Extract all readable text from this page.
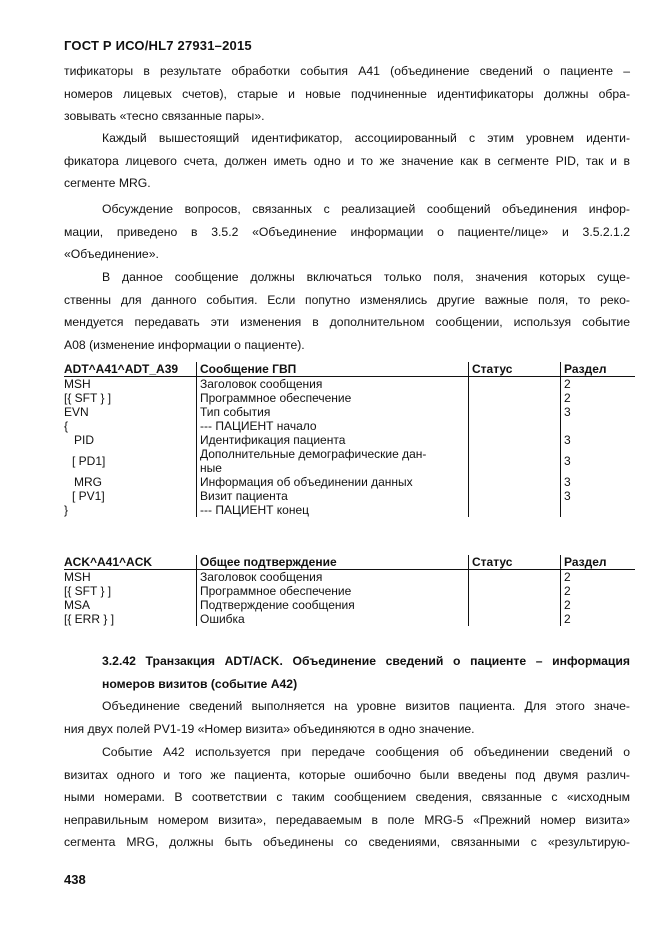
ГОСТ Р ИСО/HL7 27931–2015
тификаторы в результате обработки события A41 (объединение сведений о пациенте –
номеров лицевых счетов), старые и новые подчиненные идентификаторы должны обра-
зовывать «тесно связанные пары».
Каждый вышестоящий идентификатор, ассоциированный с этим уровнем иденти-
фикатора лицевого счета, должен иметь одно и то же значение как в сегменте PID, так и в
сегменте MRG.
Обсуждение вопросов, связанных с реализацией сообщений объединения инфор-
мации, приведено в 3.5.2 «Объединение информации о пациенте/лице» и 3.5.2.1.2
«Объединение».
В данное сообщение должны включаться только поля, значения которых суще-
ственны для данного события. Если попутно изменялись другие важные поля, то реко-
мендуется передавать эти изменения в дополнительном сообщении, используя событие
A08 (изменение информации о пациенте).
ADT^A41^ADT_A39	Сообщение ГВП	Статус	Раздел
MSH	Заголовок сообщения		2
[{ SFT } ]	Программное обеспечение		2
EVN	Тип события		3
{	--- ПАЦИЕНТ начало		
PID	Идентификация пациента		3
[ PD1]	Дополнительные демографические дан-
ные		3
MRG	Информация об объединении данных		3
[ PV1]	Визит пациента		3
}	--- ПАЦИЕНТ конец		
ACK^A41^ACK	Общее подтверждение	Статус	Раздел
MSH	Заголовок сообщения		2
[{ SFT } ]	Программное обеспечение		2
MSA	Подтверждение сообщения		2
[{ ERR } ]	Ошибка		2
3.2.42 Транзакция ADT/ACK. Объединение сведений о пациенте – информация
номеров визитов (событие A42)
Объединение сведений выполняется на уровне визитов пациента. Для этого значе-
ния двух полей PV1-19 «Номер визита» объединяются в одно значение.
Событие A42 используется при передаче сообщения об объединении сведений о
визитах одного и того же пациента, которые ошибочно были введены под двумя различ-
ными номерами. В соответствии с таким сообщением сведения, связанные с «исходным
неправильным номером визита», передаваемым в поле MRG-5 «Прежний номер визита»
сегмента MRG, должны быть объединены со сведениями, связанными с «результирую-
438
